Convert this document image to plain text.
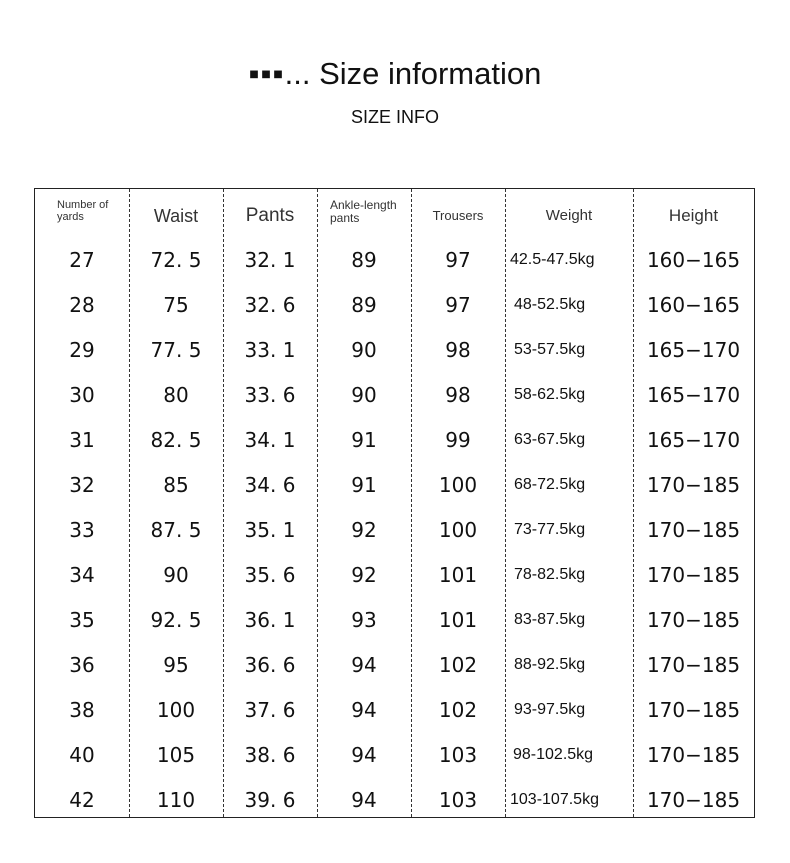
▪▪▪... Size information
SIZE INFO
Number of yards	Waist	Pants	Ankle-length pants	Trousers	Weight	Height
27	72. 5	32. 1	89	97	42.5-47.5kg	160−165
28	75	32. 6	89	97	48-52.5kg	160−165
29	77. 5	33. 1	90	98	53-57.5kg	165−170
30	80	33. 6	90	98	58-62.5kg	165−170
31	82. 5	34. 1	91	99	63-67.5kg	165−170
32	85	34. 6	91	100	68-72.5kg	170−185
33	87. 5	35. 1	92	100	73-77.5kg	170−185
34	90	35. 6	92	101	78-82.5kg	170−185
35	92. 5	36. 1	93	101	83-87.5kg	170−185
36	95	36. 6	94	102	88-92.5kg	170−185
38	100	37. 6	94	102	93-97.5kg	170−185
40	105	38. 6	94	103	98-102.5kg	170−185
42	110	39. 6	94	103	103-107.5kg	170−185
